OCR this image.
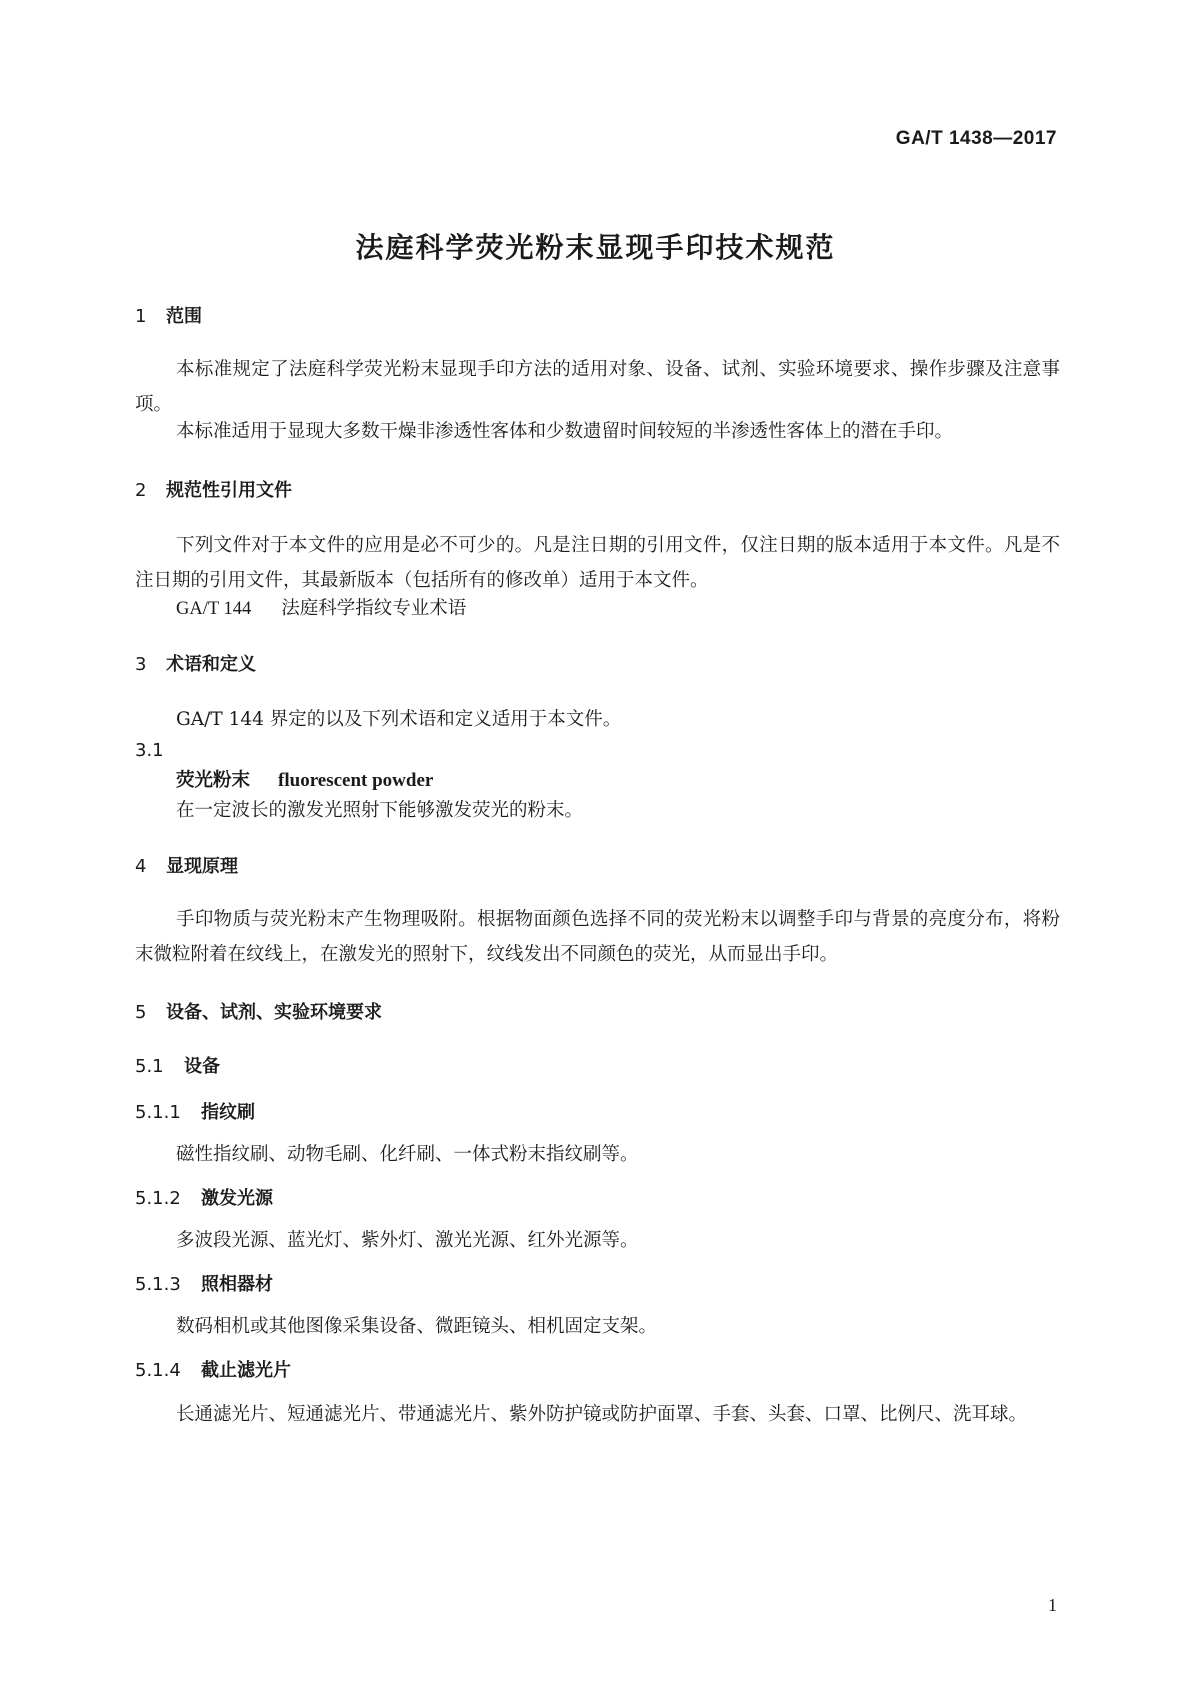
GA/T 1438—2017
法庭科学荧光粉末显现手印技术规范
1 范围
本标准规定了法庭科学荧光粉末显现手印方法的适用对象、设备、试剂、实验环境要求、操作步骤及注意事项。
本标准适用于显现大多数干燥非渗透性客体和少数遗留时间较短的半渗透性客体上的潜在手印。
2 规范性引用文件
下列文件对于本文件的应用是必不可少的。凡是注日期的引用文件，仅注日期的版本适用于本文件。凡是不注日期的引用文件，其最新版本（包括所有的修改单）适用于本文件。
GA/T 144 法庭科学指纹专业术语
3 术语和定义
GA/T 144 界定的以及下列术语和定义适用于本文件。
3.1
荧光粉末 fluorescent powder
在一定波长的激发光照射下能够激发荧光的粉末。
4 显现原理
手印物质与荧光粉末产生物理吸附。根据物面颜色选择不同的荧光粉末以调整手印与背景的亮度分布，将粉末微粒附着在纹线上，在激发光的照射下，纹线发出不同颜色的荧光，从而显出手印。
5 设备、试剂、实验环境要求
5.1 设备
5.1.1 指纹刷
磁性指纹刷、动物毛刷、化纤刷、一体式粉末指纹刷等。
5.1.2 激发光源
多波段光源、蓝光灯、紫外灯、激光光源、红外光源等。
5.1.3 照相器材
数码相机或其他图像采集设备、微距镜头、相机固定支架。
5.1.4 截止滤光片
长通滤光片、短通滤光片、带通滤光片、紫外防护镜或防护面罩、手套、头套、口罩、比例尺、洗耳球。
1
